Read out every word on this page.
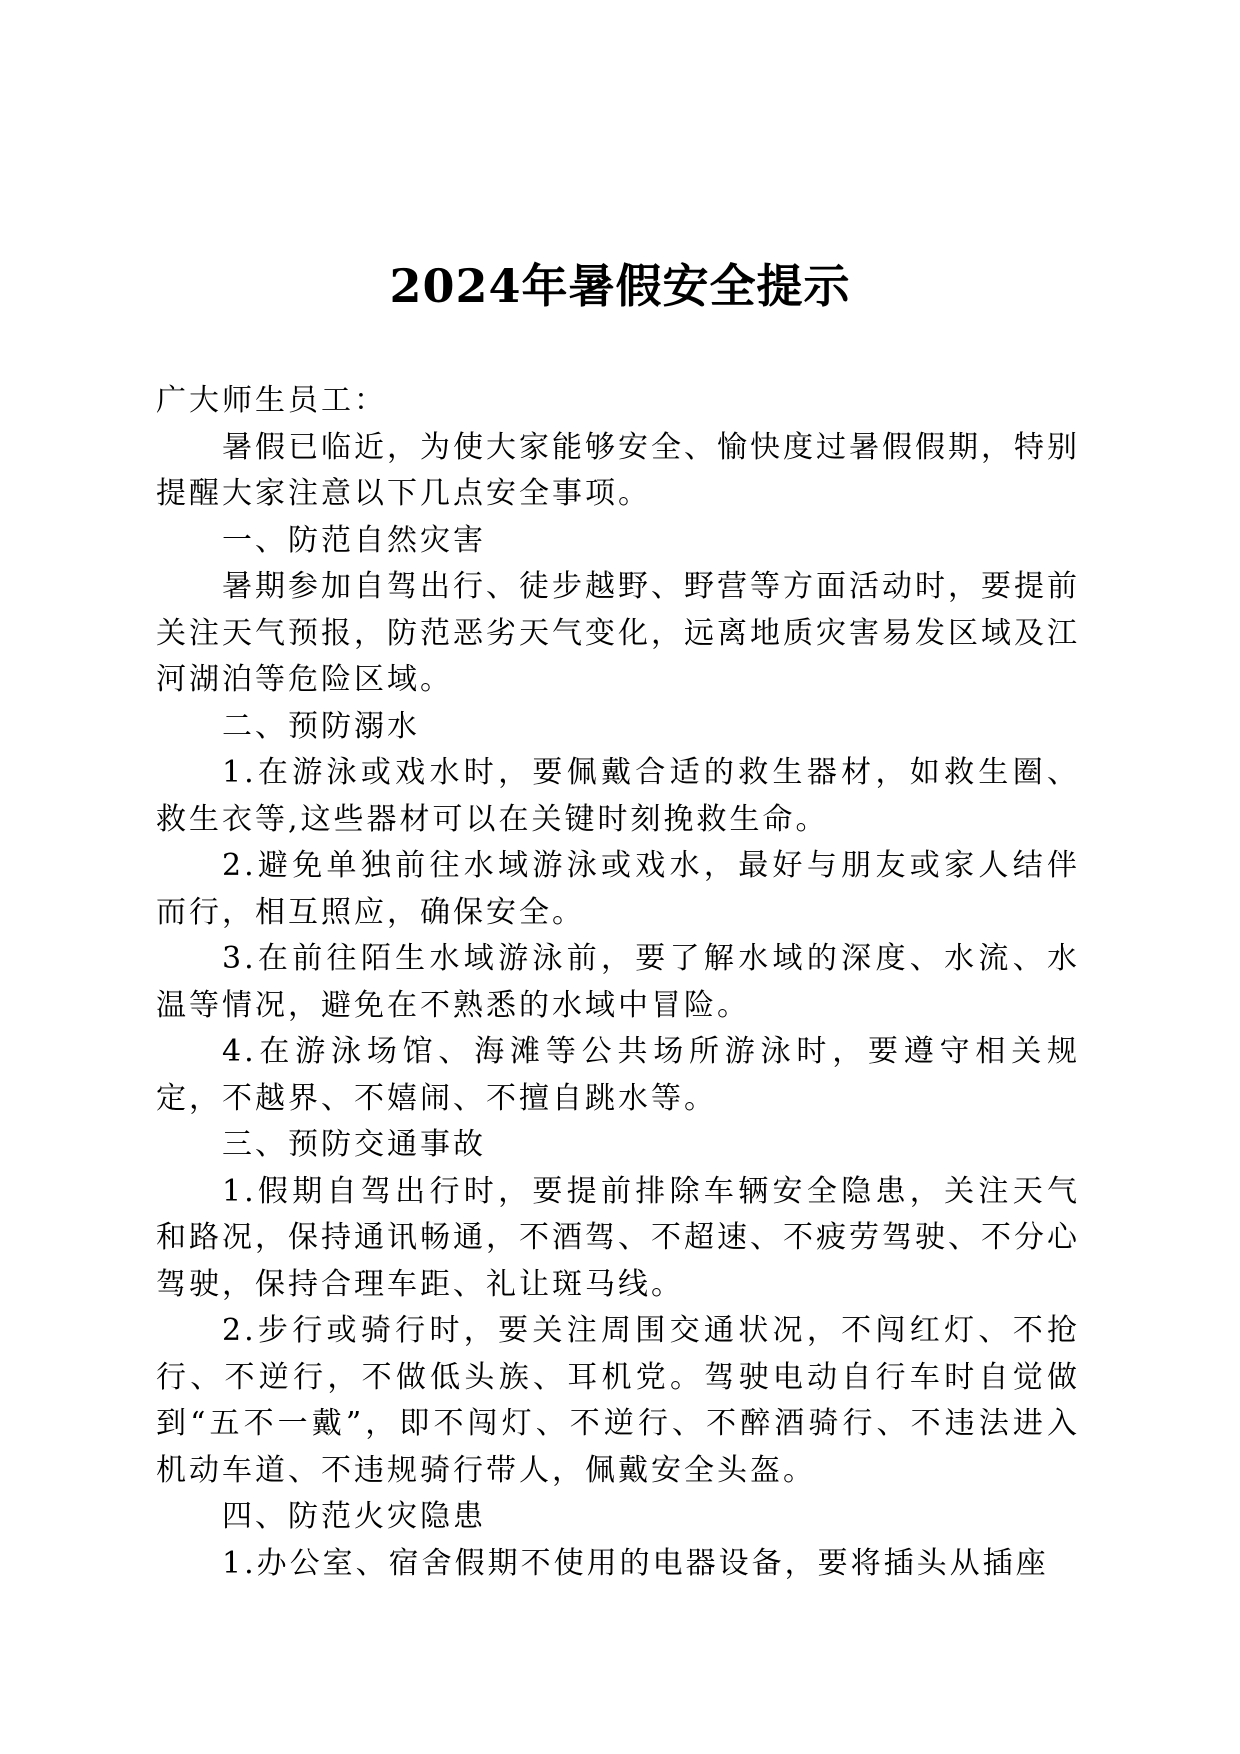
2024年暑假安全提示

广大师生员工：

暑假已临近，为使大家能够安全、愉快度过暑假假期，特别提醒大家注意以下几点安全事项。

一、防范自然灾害

暑期参加自驾出行、徒步越野、野营等方面活动时，要提前关注天气预报，防范恶劣天气变化，远离地质灾害易发区域及江河湖泊等危险区域。

二、预防溺水

1.在游泳或戏水时，要佩戴合适的救生器材，如救生圈、救生衣等,这些器材可以在关键时刻挽救生命。

2.避免单独前往水域游泳或戏水，最好与朋友或家人结伴而行，相互照应，确保安全。

3.在前往陌生水域游泳前，要了解水域的深度、水流、水温等情况，避免在不熟悉的水域中冒险。

4.在游泳场馆、海滩等公共场所游泳时，要遵守相关规定，不越界、不嬉闹、不擅自跳水等。

三、预防交通事故

1.假期自驾出行时，要提前排除车辆安全隐患，关注天气和路况，保持通讯畅通，不酒驾、不超速、不疲劳驾驶、不分心驾驶，保持合理车距、礼让斑马线。

2.步行或骑行时，要关注周围交通状况，不闯红灯、不抢行、不逆行，不做低头族、耳机党。驾驶电动自行车时自觉做到“五不一戴”，即不闯灯、不逆行、不醉酒骑行、不违法进入机动车道、不违规骑行带人，佩戴安全头盔。

四、防范火灾隐患

1.办公室、宿舍假期不使用的电器设备，要将插头从插座
